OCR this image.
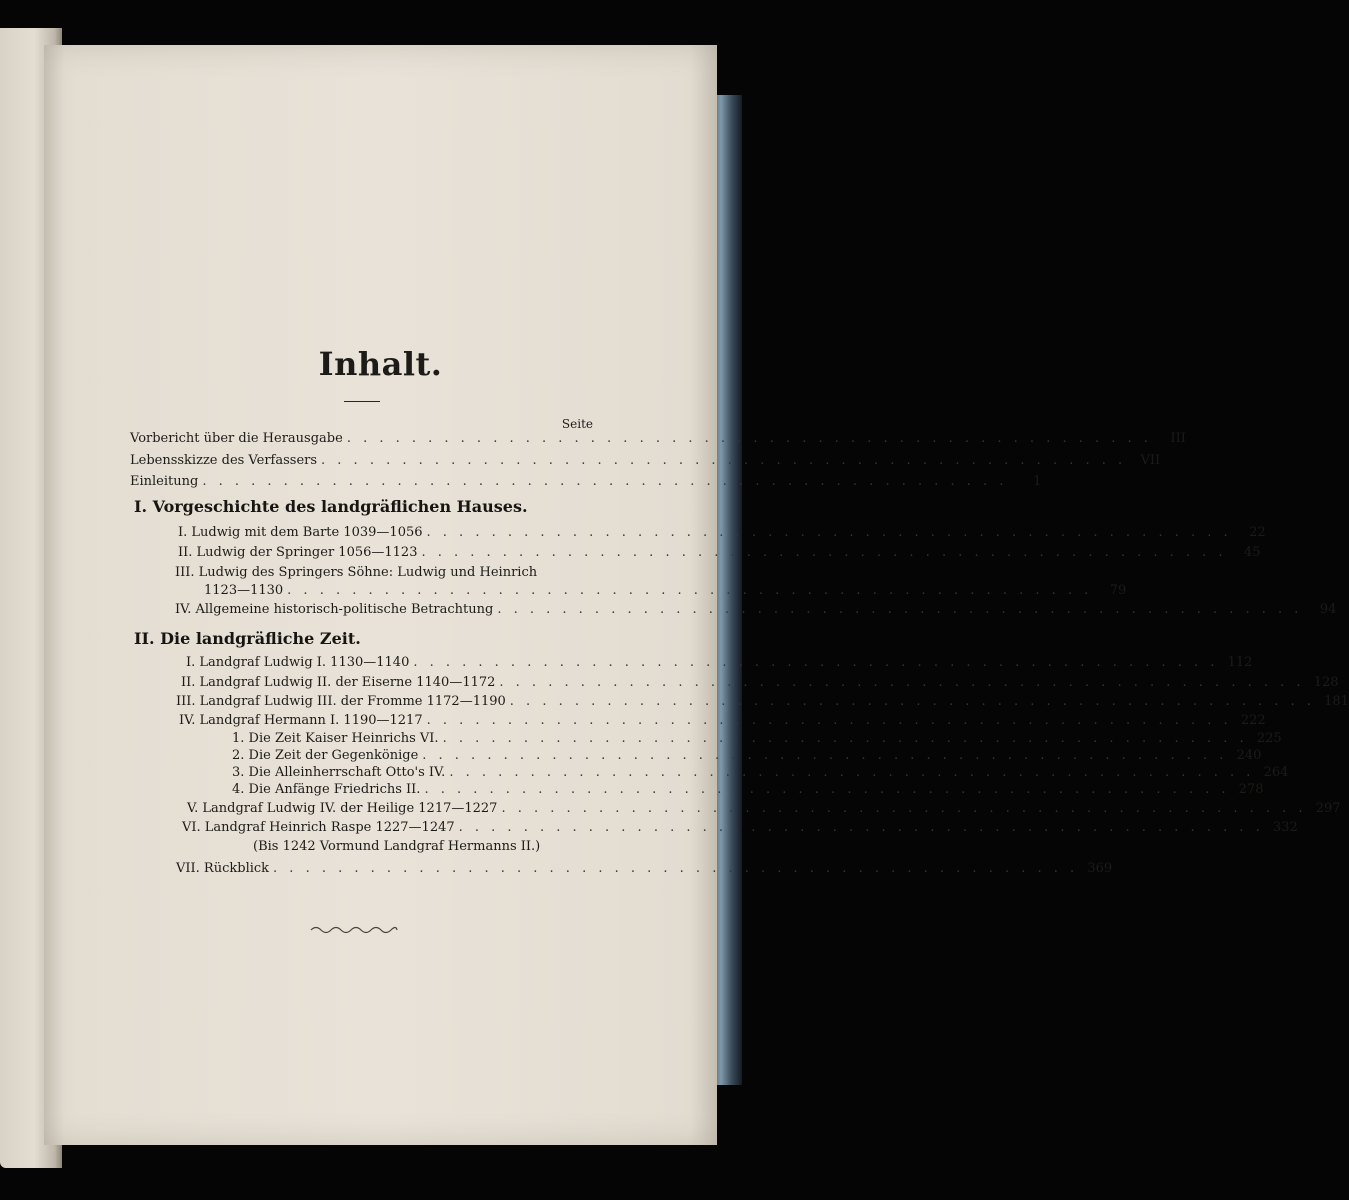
Inhalt.
Seite
Vorbericht über die Herausgabe . . . . . . . . . . . . . . . . . . . . . . . . . . . . . . . . . . . . . . . . . . . . . . . . . .	III
Lebensskizze des Verfassers . . . . . . . . . . . . . . . . . . . . . . . . . . . . . . . . . . . . . . . . . . . . . . . . . .	VII
Einleitung . . . . . . . . . . . . . . . . . . . . . . . . . . . . . . . . . . . . . . . . . . . . . . . . . .	1
I. Vorgeschichte des landgräflichen Hauses.
I. Ludwig mit dem Barte 1039—1056 . . . . . . . . . . . . . . . . . . . . . . . . . . . . . . . . . . . . . . . . . . . . . . . . . .	22
II. Ludwig der Springer 1056—1123 . . . . . . . . . . . . . . . . . . . . . . . . . . . . . . . . . . . . . . . . . . . . . . . . . .	45
III. Ludwig des Springers Söhne: Ludwig und Heinrich
1123—1130 . . . . . . . . . . . . . . . . . . . . . . . . . . . . . . . . . . . . . . . . . . . . . . . . . .	79
IV. Allgemeine historisch-politische Betrachtung . . . . . . . . . . . . . . . . . . . . . . . . . . . . . . . . . . . . . . . . . . . . . . . . . .	94
II. Die landgräfliche Zeit.
I. Landgraf Ludwig I. 1130—1140 . . . . . . . . . . . . . . . . . . . . . . . . . . . . . . . . . . . . . . . . . . . . . . . . . . 112
II. Landgraf Ludwig II. der Eiserne 1140—1172 . . . . . . . . . . . . . . . . . . . . . . . . . . . . . . . . . . . . . . . . . . . . . . . . . . 128
III. Landgraf Ludwig III. der Fromme 1172—1190 . . . . . . . . . . . . . . . . . . . . . . . . . . . . . . . . . . . . . . . . . . . . . . . . . . 181
IV. Landgraf Hermann I. 1190—1217 . . . . . . . . . . . . . . . . . . . . . . . . . . . . . . . . . . . . . . . . . . . . . . . . . . 222
1. Die Zeit Kaiser Heinrichs VI. . . . . . . . . . . . . . . . . . . . . . . . . . . . . . . . . . . . . . . . . . . . . . . . . . . 225
2. Die Zeit der Gegenkönige . . . . . . . . . . . . . . . . . . . . . . . . . . . . . . . . . . . . . . . . . . . . . . . . . . 240
3. Die Alleinherrschaft Otto's IV. . . . . . . . . . . . . . . . . . . . . . . . . . . . . . . . . . . . . . . . . . . . . . . . . . . 264
4. Die Anfänge Friedrichs II. . . . . . . . . . . . . . . . . . . . . . . . . . . . . . . . . . . . . . . . . . . . . . . . . . . 278
V. Landgraf Ludwig IV. der Heilige 1217—1227 . . . . . . . . . . . . . . . . . . . . . . . . . . . . . . . . . . . . . . . . . . . . . . . . . . 297
VI. Landgraf Heinrich Raspe 1227—1247 . . . . . . . . . . . . . . . . . . . . . . . . . . . . . . . . . . . . . . . . . . . . . . . . . . 332
(Bis 1242 Vormund Landgraf Hermanns II.)
VII. Rückblick . . . . . . . . . . . . . . . . . . . . . . . . . . . . . . . . . . . . . . . . . . . . . . . . . . 369
